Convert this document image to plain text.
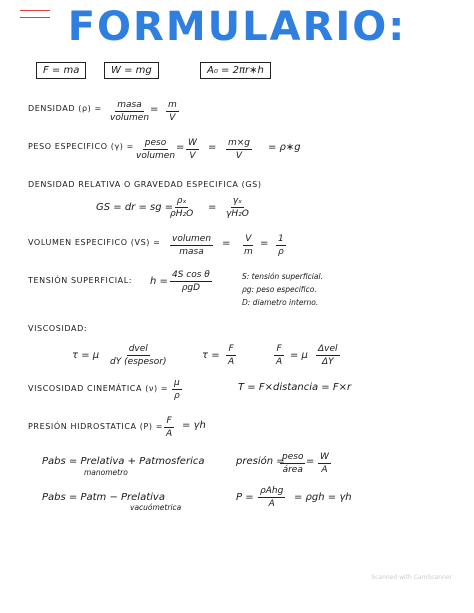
FORMULARIO:
F = ma	W = mg	A₀ = 2πr∗h
DENSIDAD (ρ) = masa
volumen
= $\frac{m}{V}$
PESO ESPECIFICO (γ) = peso
volumen
= $\frac{W}{V} = \frac{m\times g}{V}$ = ρ∗g
DENSIDAD RELATIVA O GRAVEDAD ESPECIFICA (GS)
GS = dr = sg =
$\frac{\text{ρₓ}}{\text{ρH₂O}} = \frac{\text{γₓ}}{\text{γH₂O}}$
VOLUMEN ESPECIFICO (VS) = volumen
masa
= $\frac{V}{m} = \frac{1}{\rho}$
TENSIÓN SUPERFICIAL: h =
4S cos θ
ρgD
S: tensión superficial.
ρg: peso especifico.
D: diametro interno.
VISCOSIDAD:
τ = μ
dvel
dY (espesor)
$\tau = \frac{F}{A}$	$\frac{F}{A} = \mu$
Δvel
ΔY
VISCOSIDAD CINEMÁTICA $(\nu) = \frac{\mu}{\rho}$	T = F×distancia = F×r
PRESIÓN HIDROSTATICA $(P) = \frac{F}{A} = \gamma h$
Pabs = Prelativa + Patmosferica
manometro
presión =
peso
área
= $\frac{W}{A}$
Pabs = Patm − Prelativa
vacuómetrica
P =
ρAhg
A
= ρgh = γh
Scanned with CamScanner
